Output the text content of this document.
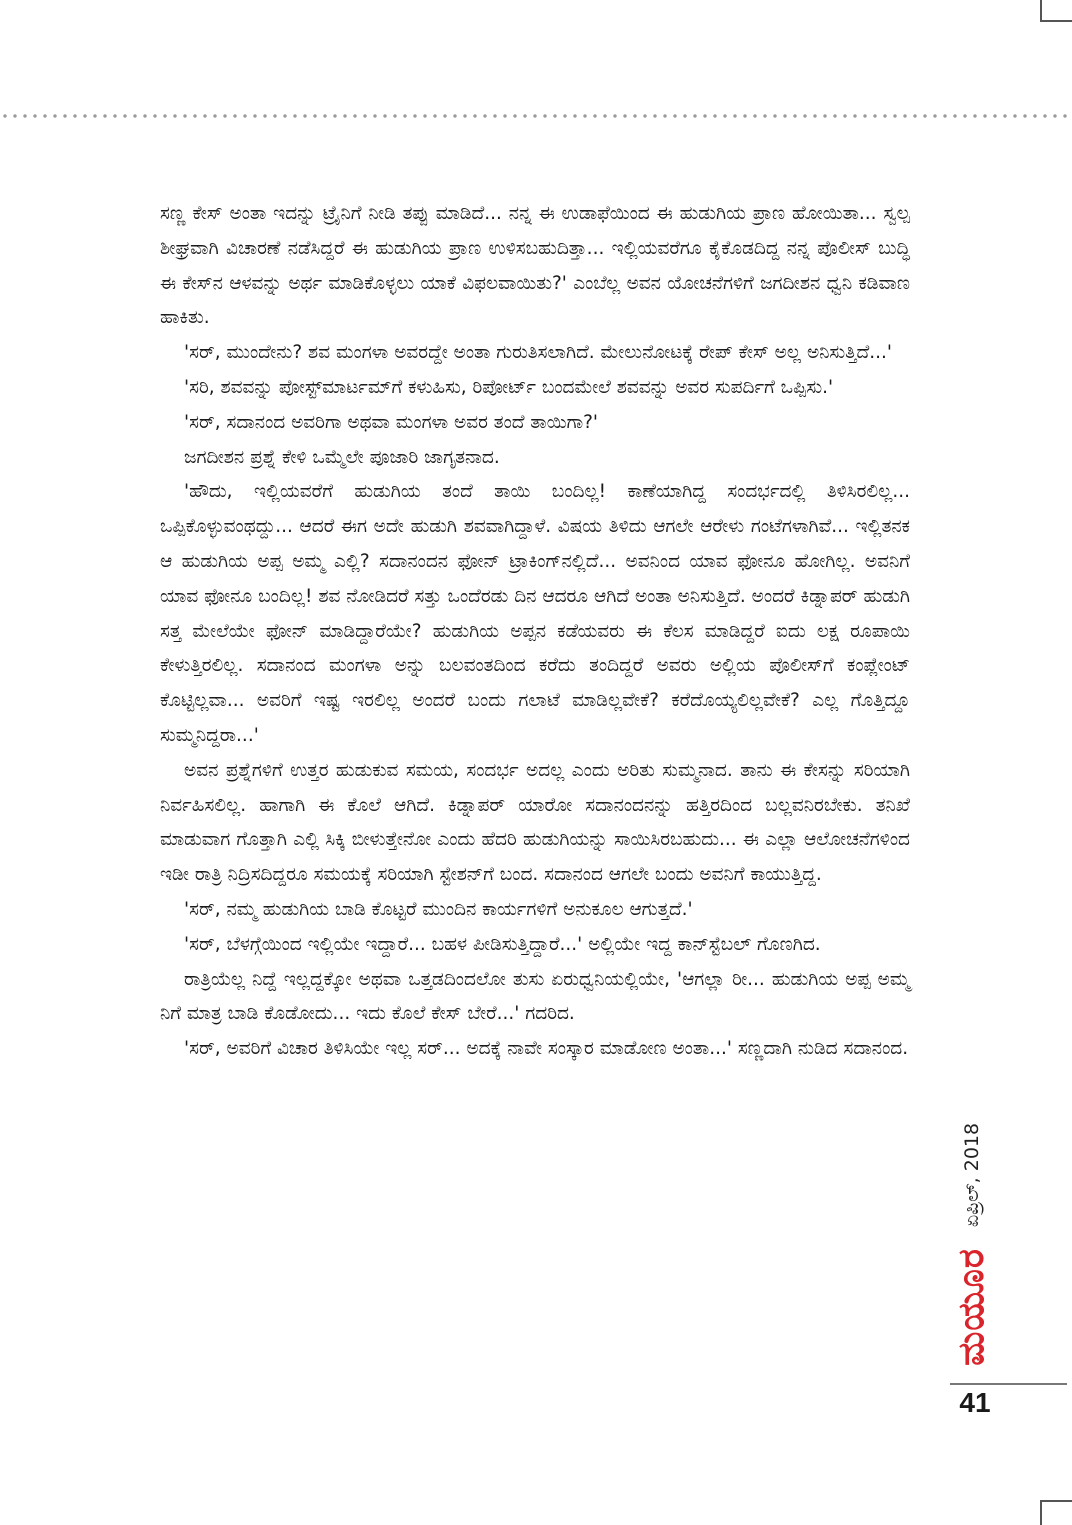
ಸಣ್ಣ ಕೇಸ್ ಅಂತಾ ಇದನ್ನು ಟ್ರೈನಿಗೆ ನೀಡಿ ತಪ್ಪು ಮಾಡಿದೆ... ನನ್ನ ಈ ಉಡಾಫೆಯಿಂದ ಈ ಹುಡುಗಿಯ ಪ್ರಾಣ ಹೋಯಿತಾ... ಸ್ವಲ್ಪ ಶೀಘ್ರವಾಗಿ ವಿಚಾರಣೆ ನಡೆಸಿದ್ದರೆ ಈ ಹುಡುಗಿಯ ಪ್ರಾಣ ಉಳಿಸಬಹುದಿತ್ತಾ... ಇಲ್ಲಿಯವರೆಗೂ ಕೈಕೊಡದಿದ್ದ ನನ್ನ ಪೊಲೀಸ್ ಬುದ್ಧಿ ಈ ಕೇಸ್‌ನ ಆಳವನ್ನು ಅರ್ಥ ಮಾಡಿಕೊಳ್ಳಲು ಯಾಕೆ ವಿಫಲವಾಯಿತು?' ಎಂಬೆಲ್ಲ ಅವನ ಯೋಚನೆಗಳಿಗೆ ಜಗದೀಶನ ಧ್ವನಿ ಕಡಿವಾಣ ಹಾಕಿತು.

'ಸರ್, ಮುಂದೇನು? ಶವ ಮಂಗಳಾ ಅವರದ್ದೇ ಅಂತಾ ಗುರುತಿಸಲಾಗಿದೆ. ಮೇಲುನೋಟಕ್ಕೆ ರೇಪ್ ಕೇಸ್ ಅಲ್ಲ ಅನಿಸುತ್ತಿದೆ...'

'ಸರಿ, ಶವವನ್ನು ಪೋಸ್ಟ್‌ಮಾರ್ಟಮ್‌ಗೆ ಕಳುಹಿಸು, ರಿಪೋರ್ಟ್ ಬಂದಮೇಲೆ ಶವವನ್ನು ಅವರ ಸುಪರ್ದಿಗೆ ಒಪ್ಪಿಸು.'

'ಸರ್, ಸದಾನಂದ ಅವರಿಗಾ ಅಥವಾ ಮಂಗಳಾ ಅವರ ತಂದೆ ತಾಯಿಗಾ?'

ಜಗದೀಶನ ಪ್ರಶ್ನೆ ಕೇಳಿ ಒಮ್ಮೆಲೇ ಪೂಜಾರಿ ಜಾಗೃತನಾದ.

'ಹೌದು, ಇಲ್ಲಿಯವರೆಗೆ ಹುಡುಗಿಯ ತಂದೆ ತಾಯಿ ಬಂದಿಲ್ಲ! ಕಾಣೆಯಾಗಿದ್ದ ಸಂದರ್ಭದಲ್ಲಿ ತಿಳಿಸಿರಲಿಲ್ಲ... ಒಪ್ಪಿಕೊಳ್ಳುವಂಥದ್ದು... ಆದರೆ ಈಗ ಅದೇ ಹುಡುಗಿ ಶವವಾಗಿದ್ದಾಳೆ. ವಿಷಯ ತಿಳಿದು ಆಗಲೇ ಆರೇಳು ಗಂಟೆಗಳಾಗಿವೆ... ಇಲ್ಲಿತನಕ ಆ ಹುಡುಗಿಯ ಅಪ್ಪ ಅಮ್ಮ ಎಲ್ಲಿ? ಸದಾನಂದನ ಫೋನ್ ಟ್ರಾಕಿಂಗ್‌ನಲ್ಲಿದೆ... ಅವನಿಂದ ಯಾವ ಫೋನೂ ಹೋಗಿಲ್ಲ. ಅವನಿಗೆ ಯಾವ ಫೋನೂ ಬಂದಿಲ್ಲ! ಶವ ನೋಡಿದರೆ ಸತ್ತು ಒಂದೆರಡು ದಿನ ಆದರೂ ಆಗಿದೆ ಅಂತಾ ಅನಿಸುತ್ತಿದೆ. ಅಂದರೆ ಕಿಡ್ನಾಪರ್ ಹುಡುಗಿ ಸತ್ತ ಮೇಲೆಯೇ ಫೋನ್ ಮಾಡಿದ್ದಾರೆಯೇ? ಹುಡುಗಿಯ ಅಪ್ಪನ ಕಡೆಯವರು ಈ ಕೆಲಸ ಮಾಡಿದ್ದರೆ ಐದು ಲಕ್ಷ ರೂಪಾಯಿ ಕೇಳುತ್ತಿರಲಿಲ್ಲ. ಸದಾನಂದ ಮಂಗಳಾ ಅನ್ನು ಬಲವಂತದಿಂದ ಕರೆದು ತಂದಿದ್ದರೆ ಅವರು ಅಲ್ಲಿಯ ಪೊಲೀಸ್‌ಗೆ ಕಂಪ್ಲೇಂಟ್ ಕೊಟ್ಟಿಲ್ಲವಾ... ಅವರಿಗೆ ಇಷ್ಟ ಇರಲಿಲ್ಲ ಅಂದರೆ ಬಂದು ಗಲಾಟೆ ಮಾಡಿಲ್ಲವೇಕೆ? ಕರೆದೊಯ್ಯಲಿಲ್ಲವೇಕೆ? ಎಲ್ಲ ಗೊತ್ತಿದ್ದೂ ಸುಮ್ಮನಿದ್ದರಾ...'

ಅವನ ಪ್ರಶ್ನೆಗಳಿಗೆ ಉತ್ತರ ಹುಡುಕುವ ಸಮಯ, ಸಂದರ್ಭ ಅದಲ್ಲ ಎಂದು ಅರಿತು ಸುಮ್ಮನಾದ. ತಾನು ಈ ಕೇಸನ್ನು ಸರಿಯಾಗಿ ನಿರ್ವಹಿಸಲಿಲ್ಲ. ಹಾಗಾಗಿ ಈ ಕೊಲೆ ಆಗಿದೆ. ಕಿಡ್ನಾಪರ್ ಯಾರೋ ಸದಾನಂದನನ್ನು ಹತ್ತಿರದಿಂದ ಬಲ್ಲವನಿರಬೇಕು. ತನಿಖೆ ಮಾಡುವಾಗ ಗೊತ್ತಾಗಿ ಎಲ್ಲಿ ಸಿಕ್ಕಿ ಬೀಳುತ್ತೇನೋ ಎಂದು ಹೆದರಿ ಹುಡುಗಿಯನ್ನು ಸಾಯಿಸಿರಬಹುದು... ಈ ಎಲ್ಲಾ ಆಲೋಚನೆಗಳಿಂದ ಇಡೀ ರಾತ್ರಿ ನಿದ್ರಿಸದಿದ್ದರೂ ಸಮಯಕ್ಕೆ ಸರಿಯಾಗಿ ಸ್ಟೇಶನ್‌ಗೆ ಬಂದ. ಸದಾನಂದ ಆಗಲೇ ಬಂದು ಅವನಿಗೆ ಕಾಯುತ್ತಿದ್ದ.

'ಸರ್, ನಮ್ಮ ಹುಡುಗಿಯ ಬಾಡಿ ಕೊಟ್ಟರೆ ಮುಂದಿನ ಕಾರ್ಯಗಳಿಗೆ ಅನುಕೂಲ ಆಗುತ್ತದೆ.'

'ಸರ್, ಬೆಳಗ್ಗೆಯಿಂದ ಇಲ್ಲಿಯೇ ಇದ್ದಾರೆ... ಬಹಳ ಪೀಡಿಸುತ್ತಿದ್ದಾರೆ...' ಅಲ್ಲಿಯೇ ಇದ್ದ ಕಾನ್‌ಸ್ಟೆಬಲ್ ಗೊಣಗಿದ.

ರಾತ್ರಿಯೆಲ್ಲ ನಿದ್ದೆ ಇಲ್ಲದ್ದಕ್ಕೋ ಅಥವಾ ಒತ್ತಡದಿಂದಲೋ ತುಸು ಏರುಧ್ವನಿಯಲ್ಲಿಯೇ, 'ಆಗಲ್ಲಾ ರೀ... ಹುಡುಗಿಯ ಅಪ್ಪ ಅಮ್ಮ ನಿಗೆ ಮಾತ್ರ ಬಾಡಿ ಕೊಡೋದು... ಇದು ಕೊಲೆ ಕೇಸ್ ಬೇರೆ...' ಗದರಿದ.

'ಸರ್, ಅವರಿಗೆ ವಿಚಾರ ತಿಳಿಸಿಯೇ ಇಲ್ಲ ಸರ್... ಅದಕ್ಕೆ ನಾವೇ ಸಂಸ್ಕಾರ ಮಾಡೋಣ ಅಂತಾ...' ಸಣ್ಣದಾಗಿ ನುಡಿದ ಸದಾನಂದ.

ಏಪ್ರಿಲ್, 2018
ಮಯೂರ
41
